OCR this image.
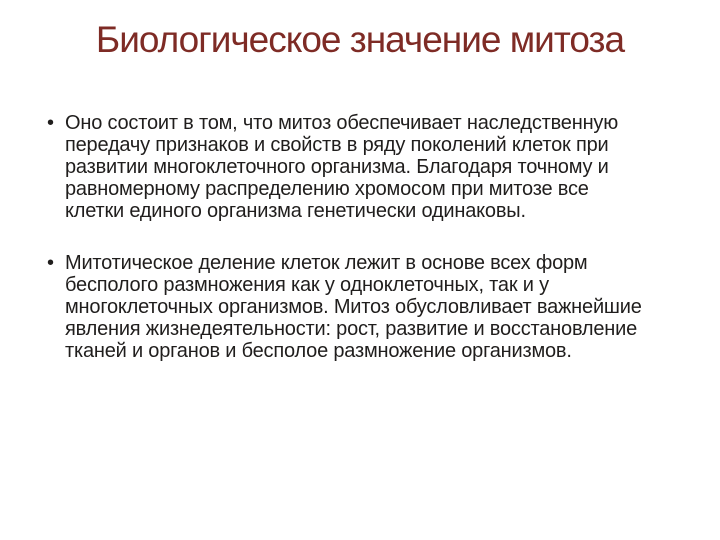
Биологическое значение митоза
• Оно состоит в том, что митоз обеспечивает наследственную
передачу признаков и свойств в ряду поколений клеток при
развитии многоклеточного организма. Благодаря точному и
равномерному распределению хромосом при митозе все
клетки единого организма генетически одинаковы.
• Митотическое деление клеток лежит в основе всех форм
бесполого размножения как у одноклеточных, так и у
многоклеточных организмов. Митоз обусловливает важнейшие
явления жизнедеятельности: рост, развитие и восстановление
тканей и органов и бесполое размножение организмов.
